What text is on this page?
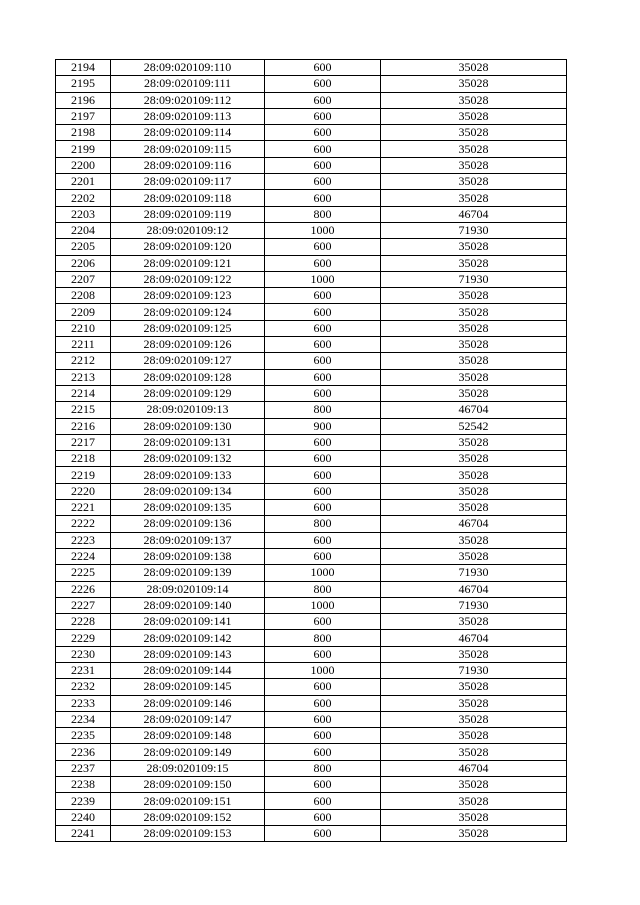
2194	28:09:020109:110	600	35028
2195	28:09:020109:111	600	35028
2196	28:09:020109:112	600	35028
2197	28:09:020109:113	600	35028
2198	28:09:020109:114	600	35028
2199	28:09:020109:115	600	35028
2200	28:09:020109:116	600	35028
2201	28:09:020109:117	600	35028
2202	28:09:020109:118	600	35028
2203	28:09:020109:119	800	46704
2204	28:09:020109:12	1000	71930
2205	28:09:020109:120	600	35028
2206	28:09:020109:121	600	35028
2207	28:09:020109:122	1000	71930
2208	28:09:020109:123	600	35028
2209	28:09:020109:124	600	35028
2210	28:09:020109:125	600	35028
2211	28:09:020109:126	600	35028
2212	28:09:020109:127	600	35028
2213	28:09:020109:128	600	35028
2214	28:09:020109:129	600	35028
2215	28:09:020109:13	800	46704
2216	28:09:020109:130	900	52542
2217	28:09:020109:131	600	35028
2218	28:09:020109:132	600	35028
2219	28:09:020109:133	600	35028
2220	28:09:020109:134	600	35028
2221	28:09:020109:135	600	35028
2222	28:09:020109:136	800	46704
2223	28:09:020109:137	600	35028
2224	28:09:020109:138	600	35028
2225	28:09:020109:139	1000	71930
2226	28:09:020109:14	800	46704
2227	28:09:020109:140	1000	71930
2228	28:09:020109:141	600	35028
2229	28:09:020109:142	800	46704
2230	28:09:020109:143	600	35028
2231	28:09:020109:144	1000	71930
2232	28:09:020109:145	600	35028
2233	28:09:020109:146	600	35028
2234	28:09:020109:147	600	35028
2235	28:09:020109:148	600	35028
2236	28:09:020109:149	600	35028
2237	28:09:020109:15	800	46704
2238	28:09:020109:150	600	35028
2239	28:09:020109:151	600	35028
2240	28:09:020109:152	600	35028
2241	28:09:020109:153	600	35028
